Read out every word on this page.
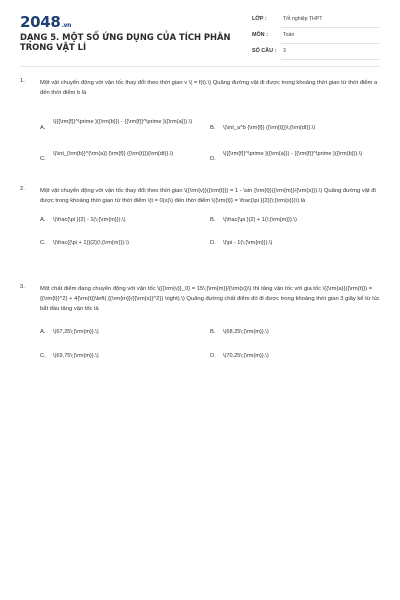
2048.vn
DẠNG 5. MỘT SỐ ỨNG DỤNG CỦA TÍCH PHÂN TRONG VẬT LÍ
LỚP :	Tốt nghiệp THPT
MÔN :	Toán
SỐ CÂU : 3
1.	Một vật chuyển động với vận tốc thay đổi theo thời gian v \( = f(t).\) Quãng đường vật đi được trong khoảng thời gian từ thời điểm a đến thời điểm b là
A.
\({{\rm{f}}^\prime }({\rm{b}}) - {{\rm{f}}^\prime }({\rm{a}}).\)
B. \(\int_a^b {\rm{f}} ({\rm{t}})\;{\rm{dt}}.\)
C.
\(\int_{\rm{b}}^{\rm{a}} {\rm{f}} ({\rm{t}}){\rm{dt}}.\)
D.
\({{\rm{f}}^\prime }({\rm{a}}) - {{\rm{f}}^\prime }({\rm{b}}).\)
2.	Một vật chuyển động với vận tốc thay đổi theo thời gian \({\rm{v}}({\rm{t}}) = 1 - \sin {\rm{t}}({\rm{m}}/{\rm{s}}).\) Quãng đường vật đi được trong khoảng thời gian từ thời điểm \(t = 0(s)\) đến thời điểm \({\rm{t}} = \frac{\pi }{2}(\;{\rm{s}})\) là
A. \(\frac{\pi }{2} - 1(\;{\rm{m}}).\)	B. \(\frac{\pi }{2} + 1(\;{\rm{m}}).\)
C. \(\frac{{\pi + 1}}{2}(\;{\rm{m}}).\)	D. \(\pi - 1(\;{\rm{m}}).\)
3.	Một chất điểm đang chuyển động với vận tốc \({{\rm{v}}_0} = 15\;{\rm{m}}/{\rm{s}}\) thì tăng vận tốc với gia tốc \({\rm{a}}({\rm{t}}) = {{\rm{t}}^2} + 4{\rm{t}}\left( {{\rm{m}}/{{\rm{s}}^2}} \right).\) Quãng đường chất điểm đó đi được trong khoảng thời gian 3 giây kể từ lúc bắt đầu tăng vận tốc là
A. \(67,25\;{\rm{m}}.\)	B. \(68,25\;{\rm{m}}.\)
C. \(69,75\;{\rm{m}}.\)	D. \(70,25\;{\rm{m}}.\)
